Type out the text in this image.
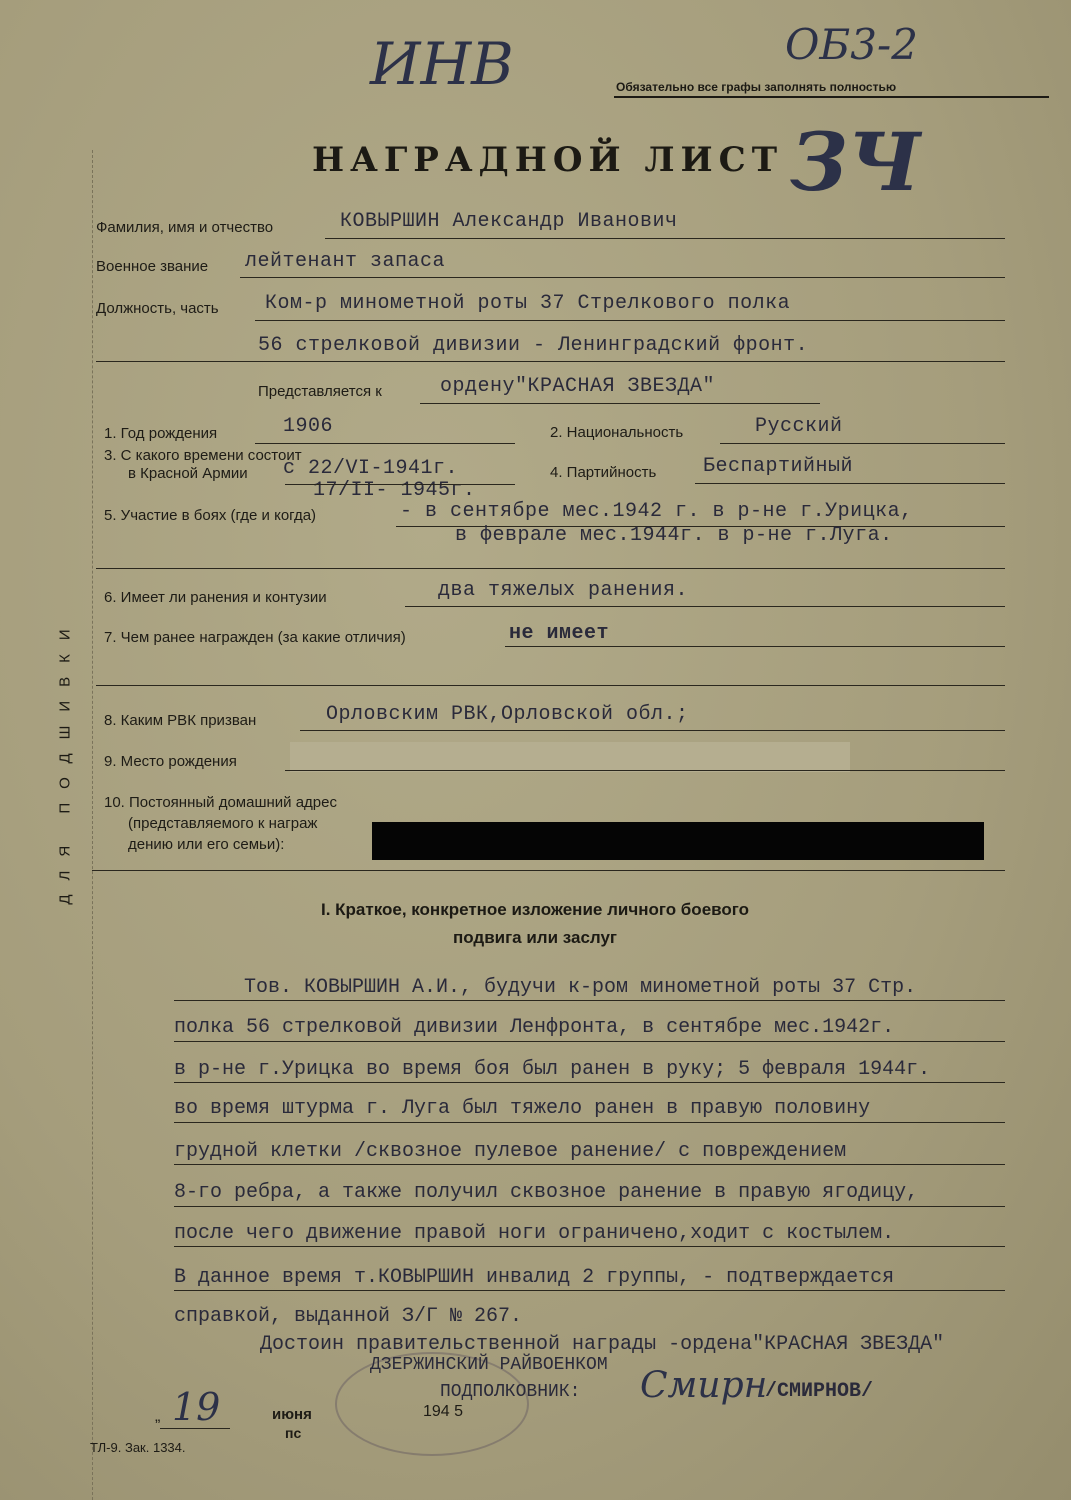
ИНВ	ОБ3-2
Обязательно все графы заполнять полностью
НАГРАДНОЙ ЛИСТ ЗЧ
ДЛЯ ПОДШИВКИ
Фамилия, имя и отчество	КОВЫРШИН Александр Иванович
Военное звание лейтенант запаса
Должность, часть Ком-р минометной роты 37 Стрелкового полка
56 стрелковой дивизии - Ленинградский фронт.
Представляется к	ордену"КРАСНАЯ ЗВЕЗДА"
1. Год рождения	1906	2. Национальность	Русский
3. С какого времени состоит
в Красной Армии с 22/VI-1941г.
17/II- 1945г.
4. Партийность Беспартийный
5. Участие в боях (где и когда)	- в сентябре мес.1942 г. в р-не г.Урицка,
в феврале мес.1944г. в р-не г.Луга.
6. Имеет ли ранения и контузии	два тяжелых ранения.
7. Чем ранее награжден (за какие отличия)	не имеет
8. Каким РВК призван	Орловским РВК,Орловской обл.;
9. Место рождения
10. Постоянный домашний адрес
(представляемого к награж
дению или его семьи):
I. Краткое, конкретное изложение личного боевого
подвига или заслуг
Тов. КОВЫРШИН А.И., будучи к-ром минометной роты 37 Стр.
полка 56 стрелковой дивизии Ленфронта, в сентябре мес.1942г.
в р-не г.Урицка во время боя был ранен в руку; 5 февраля 1944г.
во время штурма г. Луга был тяжело ранен в правую половину
грудной клетки /сквозное пулевое ранение/ с повреждением
8-го ребра, а также получил сквозное ранение в правую ягодицу,
после чего движение правой ноги ограничено,ходит с костылем.
В данное время т.КОВЫРШИН инвалид 2 группы, - подтверждается
справкой, выданной З/Г № 267.
Достоин правительственной награды -ордена"КРАСНАЯ ЗВЕЗДА"
ДЗЕРЖИНСКИЙ РАЙВОЕНКОМ
ПОДПОЛКОВНИК: Смирн
/СМИРНОВ/
„ 19	июня
пс
194 5
ТЛ-9. Зак. 1334.
